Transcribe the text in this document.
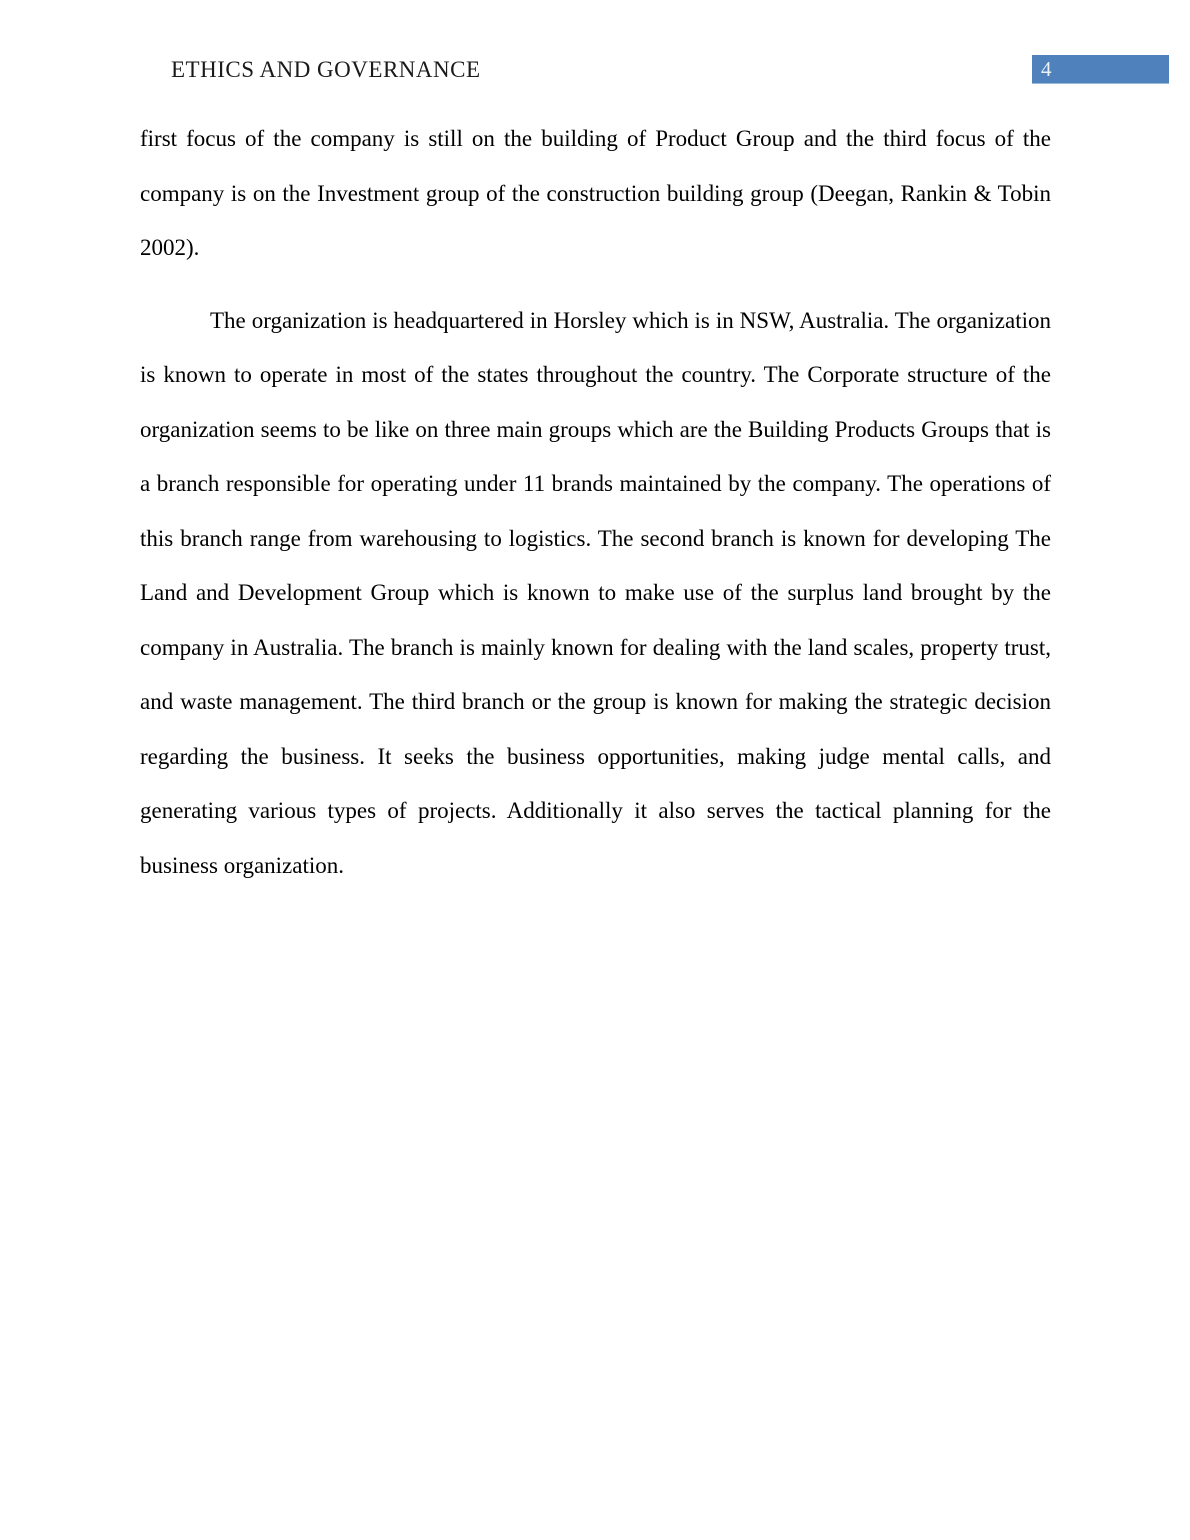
ETHICS AND GOVERNANCE	4

first focus of the company is still on the building of Product Group and the third focus of the company is on the Investment group of the construction building group (Deegan, Rankin & Tobin 2002).

The organization is headquartered in Horsley which is in NSW, Australia. The organization is known to operate in most of the states throughout the country. The Corporate structure of the organization seems to be like on three main groups which are the Building Products Groups that is a branch responsible for operating under 11 brands maintained by the company. The operations of this branch range from warehousing to logistics. The second branch is known for developing The Land and Development Group which is known to make use of the surplus land brought by the company in Australia. The branch is mainly known for dealing with the land scales, property trust, and waste management. The third branch or the group is known for making the strategic decision regarding the business. It seeks the business opportunities, making judge mental calls, and generating various types of projects. Additionally it also serves the tactical planning for the business organization.
